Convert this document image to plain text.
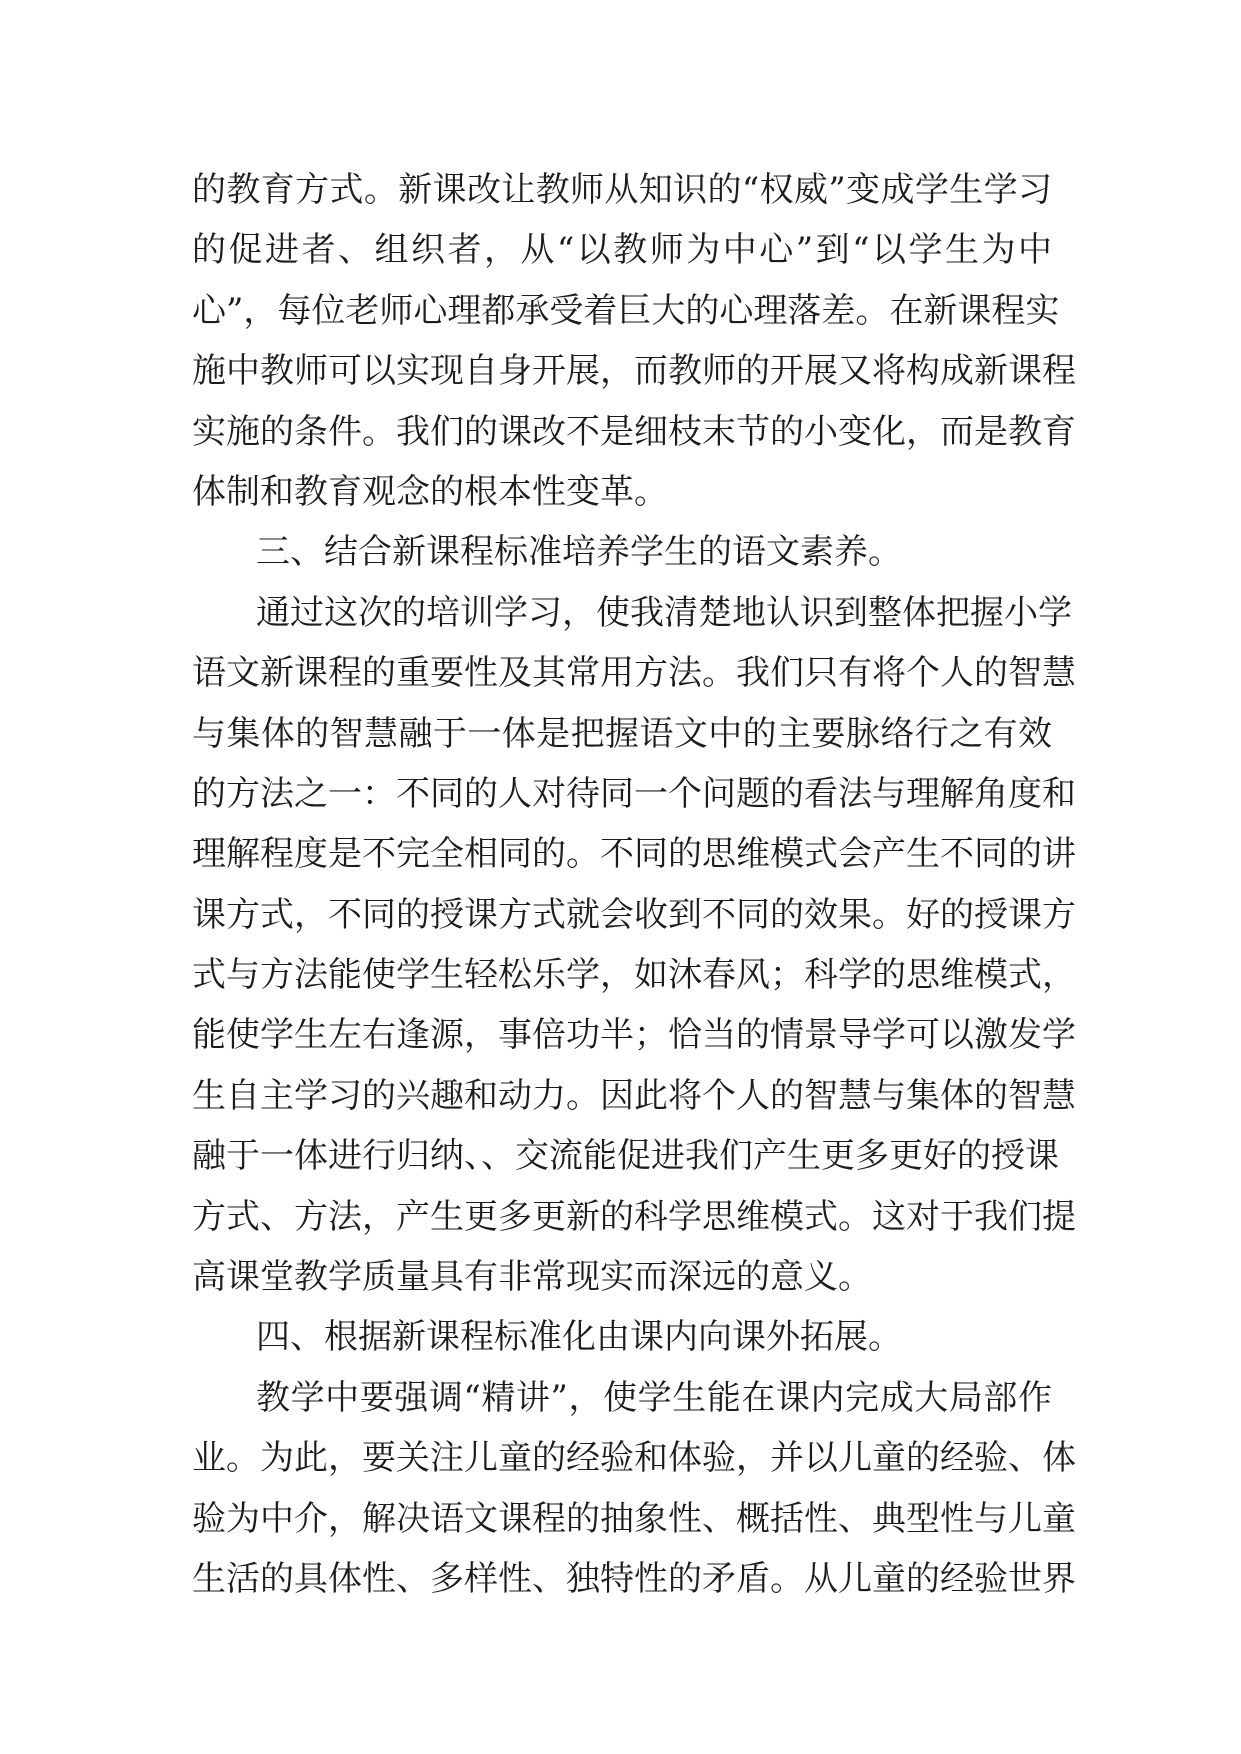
的教育方式。新课改让教师从知识的“权威”变成学生学习
的促进者、组织者，从“以教师为中心”到“以学生为中
心”，每位老师心理都承受着巨大的心理落差。在新课程实
施中教师可以实现自身开展，而教师的开展又将构成新课程
实施的条件。我们的课改不是细枝末节的小变化，而是教育
体制和教育观念的根本性变革。
三、结合新课程标准培养学生的语文素养。
通过这次的培训学习，使我清楚地认识到整体把握小学
语文新课程的重要性及其常用方法。我们只有将个人的智慧
与集体的智慧融于一体是把握语文中的主要脉络行之有效
的方法之一：不同的人对待同一个问题的看法与理解角度和
理解程度是不完全相同的。不同的思维模式会产生不同的讲
课方式，不同的授课方式就会收到不同的效果。好的授课方
式与方法能使学生轻松乐学，如沐春风；科学的思维模式，
能使学生左右逢源，事倍功半；恰当的情景导学可以激发学
生自主学习的兴趣和动力。因此将个人的智慧与集体的智慧
融于一体进行归纳、、交流能促进我们产生更多更好的授课
方式、方法，产生更多更新的科学思维模式。这对于我们提
高课堂教学质量具有非常现实而深远的意义。
四、根据新课程标准化由课内向课外拓展。
教学中要强调“精讲”，使学生能在课内完成大局部作
业。为此，要关注儿童的经验和体验，并以儿童的经验、体
验为中介，解决语文课程的抽象性、概括性、典型性与儿童
生活的具体性、多样性、独特性的矛盾。从儿童的经验世界
